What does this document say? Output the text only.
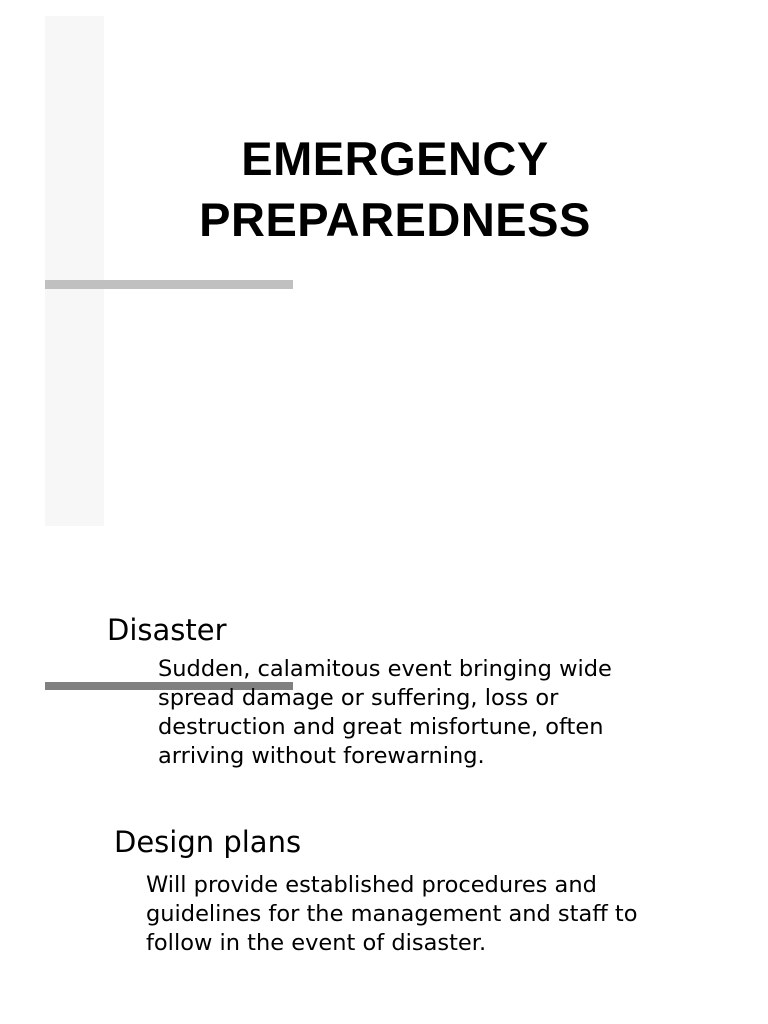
EMERGENCY
PREPAREDNESS
Disaster
Sudden, calamitous event bringing wide spread damage or suffering, loss or destruction and great misfortune, often arriving without forewarning.
Design plans
Will provide established procedures and guidelines for the management and staff to follow in the event of disaster.
